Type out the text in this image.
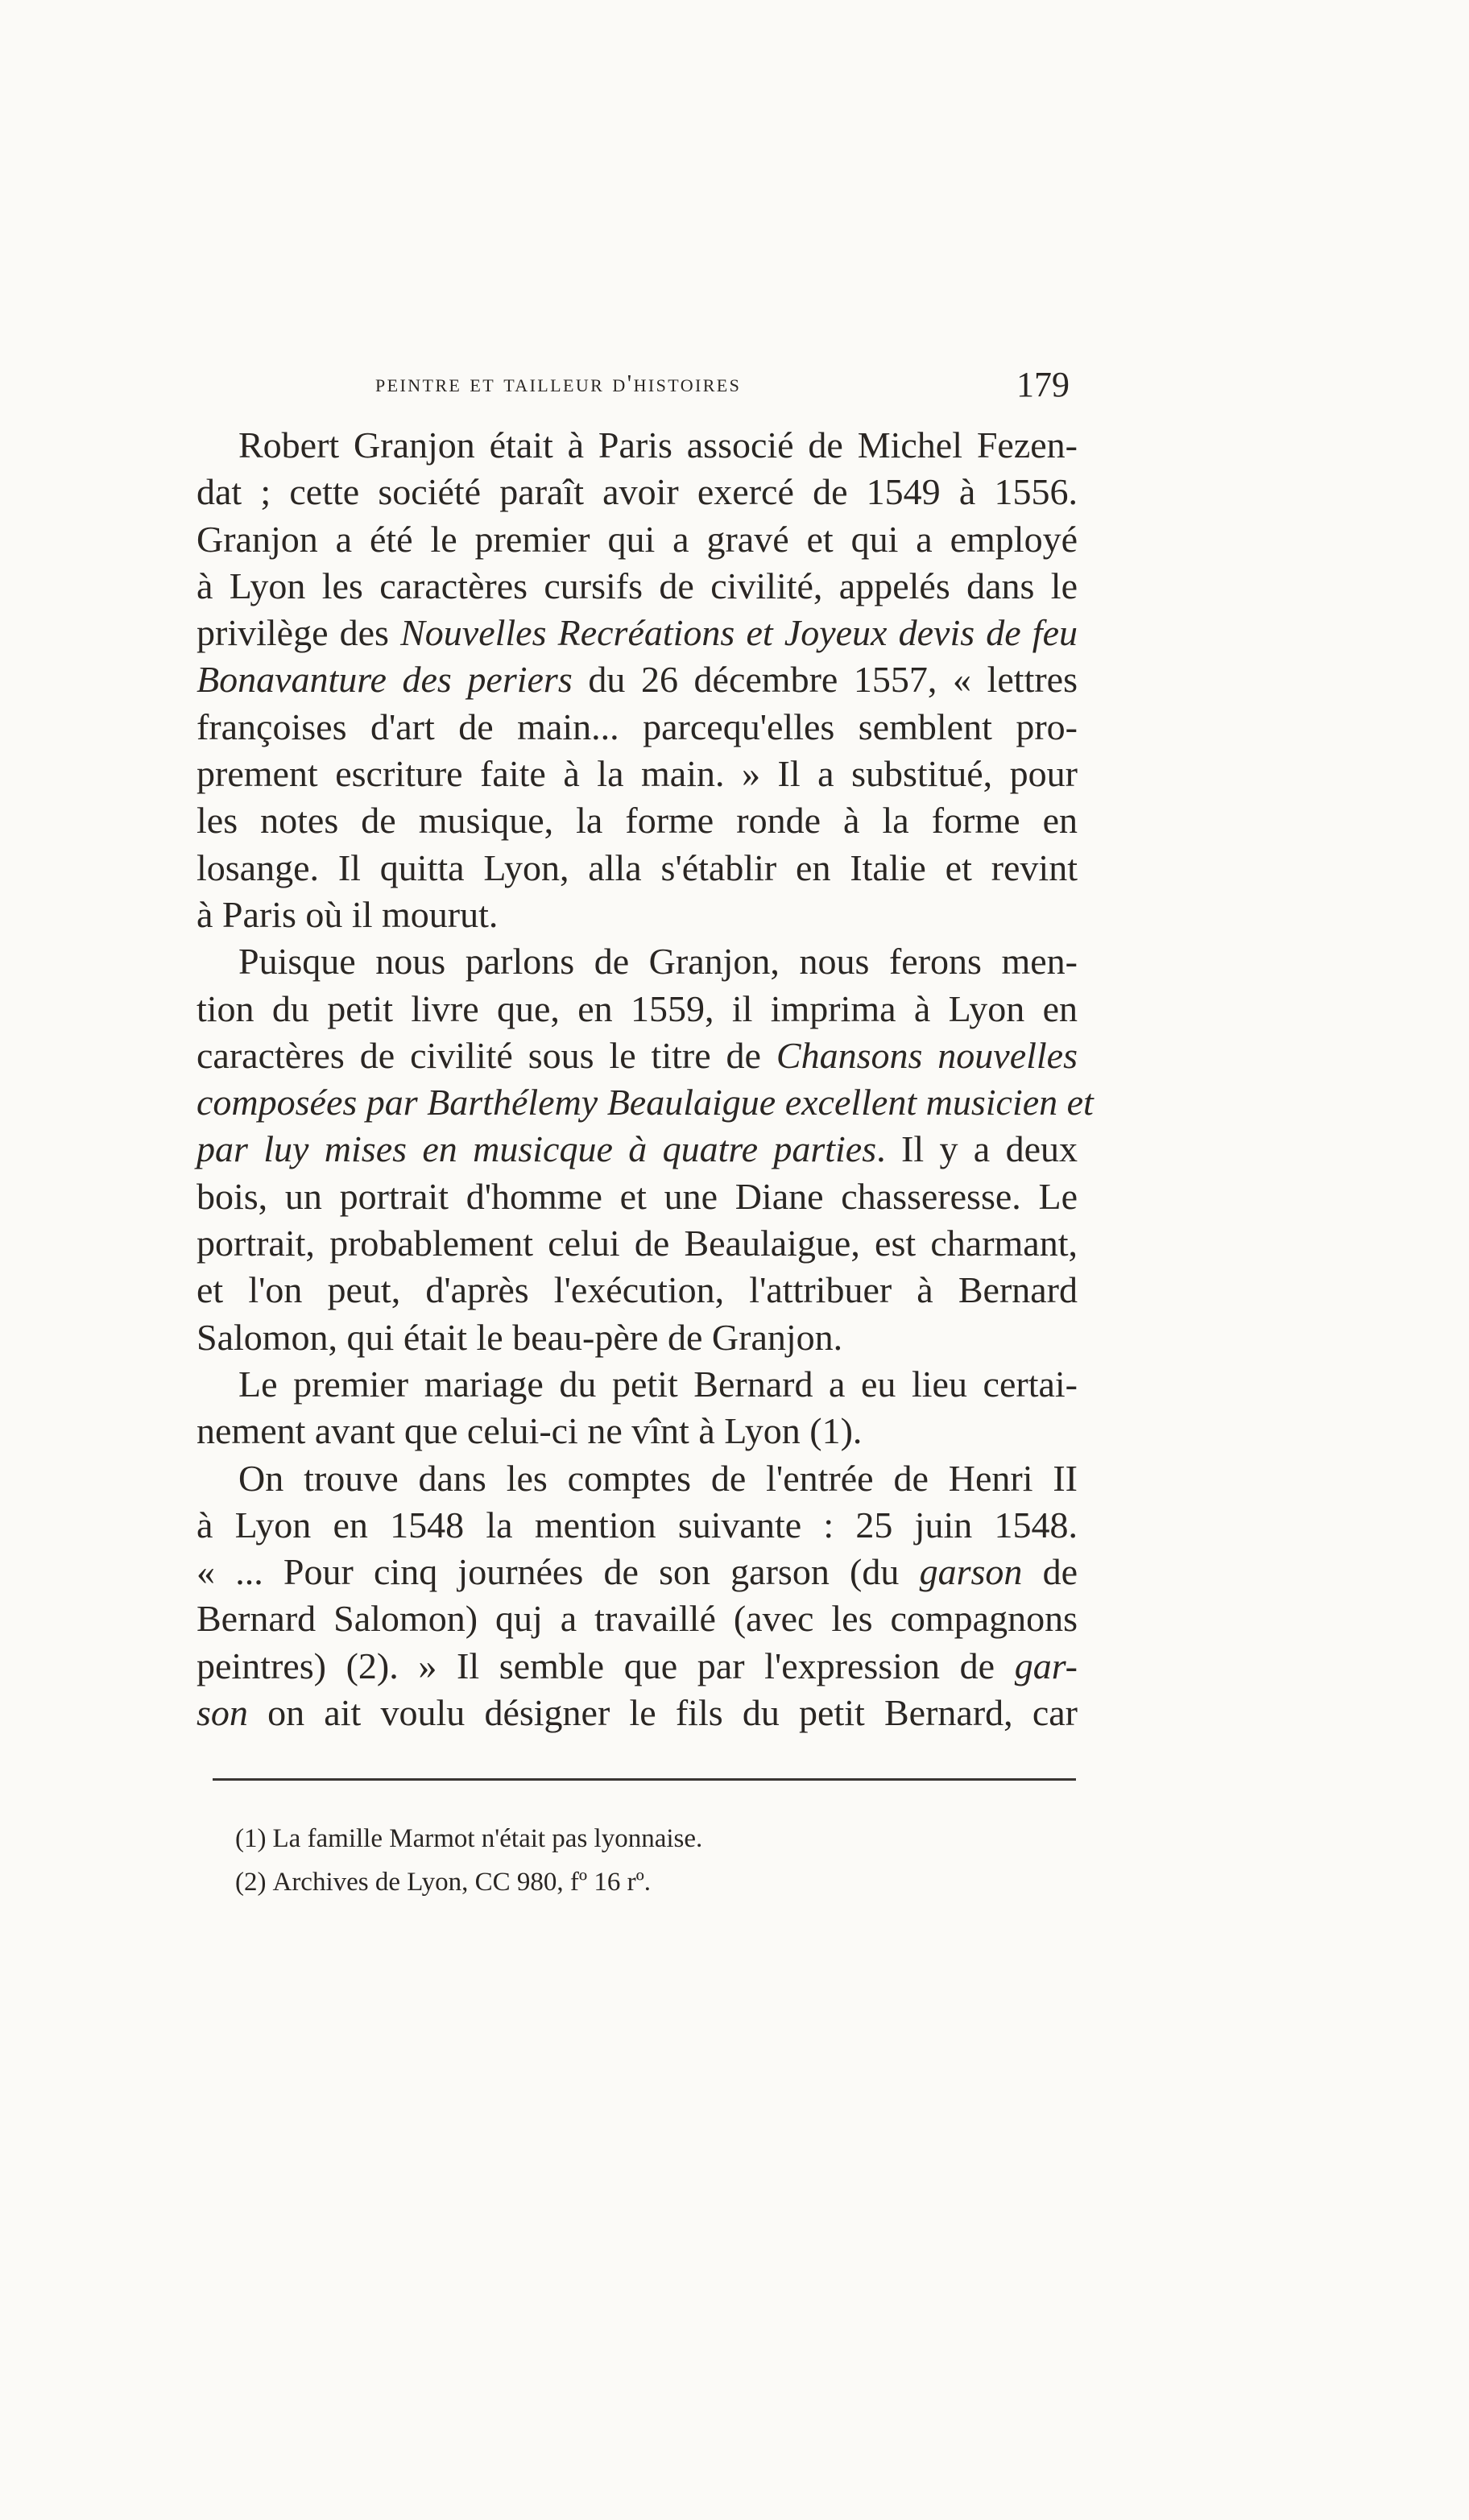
peintre et tailleur d'histoires	179
Robert Granjon était à Paris associé de Michel Fezen-
dat ; cette société paraît avoir exercé de 1549 à 1556.
Granjon a été le premier qui a gravé et qui a employé
à Lyon les caractères cursifs de civilité, appelés dans le
privilège des Nouvelles Recréations et Joyeux devis de feu
Bonavanture des periers du 26 décembre 1557, « lettres
françoises d'art de main... parcequ'elles semblent pro-
prement escriture faite à la main. » Il a substitué, pour
les notes de musique, la forme ronde à la forme en
losange. Il quitta Lyon, alla s'établir en Italie et revint
à Paris où il mourut.
Puisque nous parlons de Granjon, nous ferons men-
tion du petit livre que, en 1559, il imprima à Lyon en
caractères de civilité sous le titre de Chansons nouvelles
composées par Barthélemy Beaulaigue excellent musicien et
par luy mises en musicque à quatre parties. Il y a deux
bois, un portrait d'homme et une Diane chasseresse. Le
portrait, probablement celui de Beaulaigue, est charmant,
et l'on peut, d'après l'exécution, l'attribuer à Bernard
Salomon, qui était le beau-père de Granjon.
Le premier mariage du petit Bernard a eu lieu certai-
nement avant que celui-ci ne vînt à Lyon (1).
On trouve dans les comptes de l'entrée de Henri II
à Lyon en 1548 la mention suivante : 25 juin 1548.
« ... Pour cinq journées de son garson (du garson de
Bernard Salomon) quj a travaillé (avec les compagnons
peintres) (2). » Il semble que par l'expression de gar-
son on ait voulu désigner le fils du petit Bernard, car
(1) La famille Marmot n'était pas lyonnaise.
(2) Archives de Lyon, CC 980, fº 16 rº.
